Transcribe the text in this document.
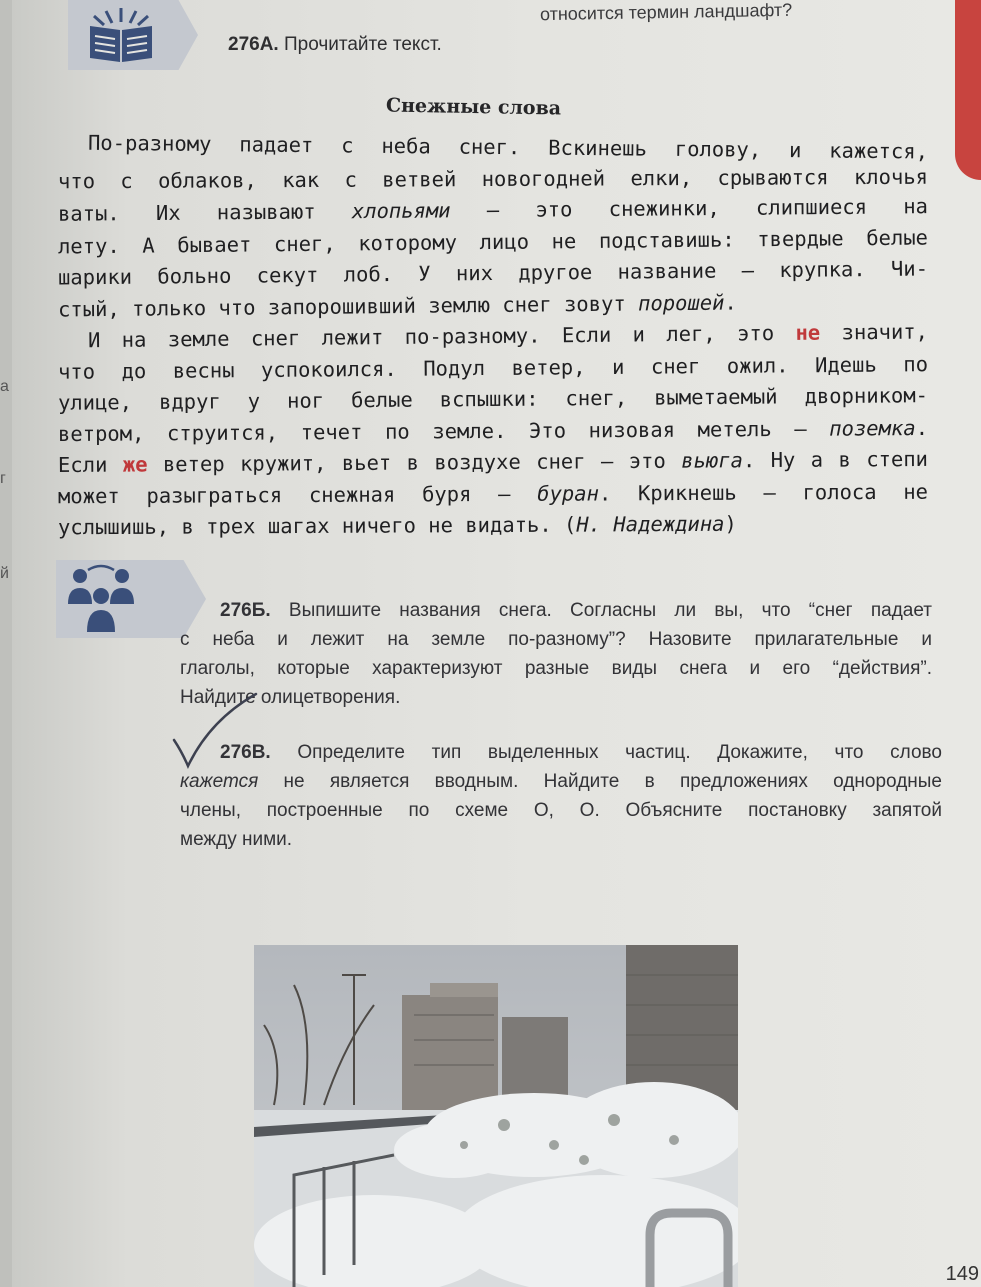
а
г
й
относится термин ландшафт?
276А. Прочитайте текст.
Снежные слова
По-разному падает с неба снег. Вскинешь голову, и кажется,
что с облаков, как с ветвей новогодней елки, срываются клочья
ваты. Их называют хлопьями — это снежинки, слипшиеся на
лету. А бывает снег, которому лицо не подставишь: твердые белые
шарики больно секут лоб. У них другое название — крупка. Чи-
стый, только что запорошивший землю снег зовут порошей.
И на земле снег лежит по-разному. Если и лег, это не значит,
что до весны успокоился. Подул ветер, и снег ожил. Идешь по
улице, вдруг у ног белые вспышки: снег, выметаемый дворником-
ветром, струится, течет по земле. Это низовая метель — поземка.
Если же ветер кружит, вьет в воздухе снег — это вьюга. Ну а в степи
может разыграться снежная буря — буран. Крикнешь — голоса не
услышишь, в трех шагах ничего не видать. (Н. Надеждина)
276Б. Выпишите названия снега. Согласны ли вы, что “снег падает
с неба и лежит на земле по-разному”? Назовите прилагательные и
глаголы, которые характеризуют разные виды снега и его “действия”.
Найдите олицетворения.
276В. Определите тип выделенных частиц. Докажите, что слово
кажется не является вводным. Найдите в предложениях однородные
члены, построенные по схеме О, О. Объясните постановку запятой
между ними.
149
